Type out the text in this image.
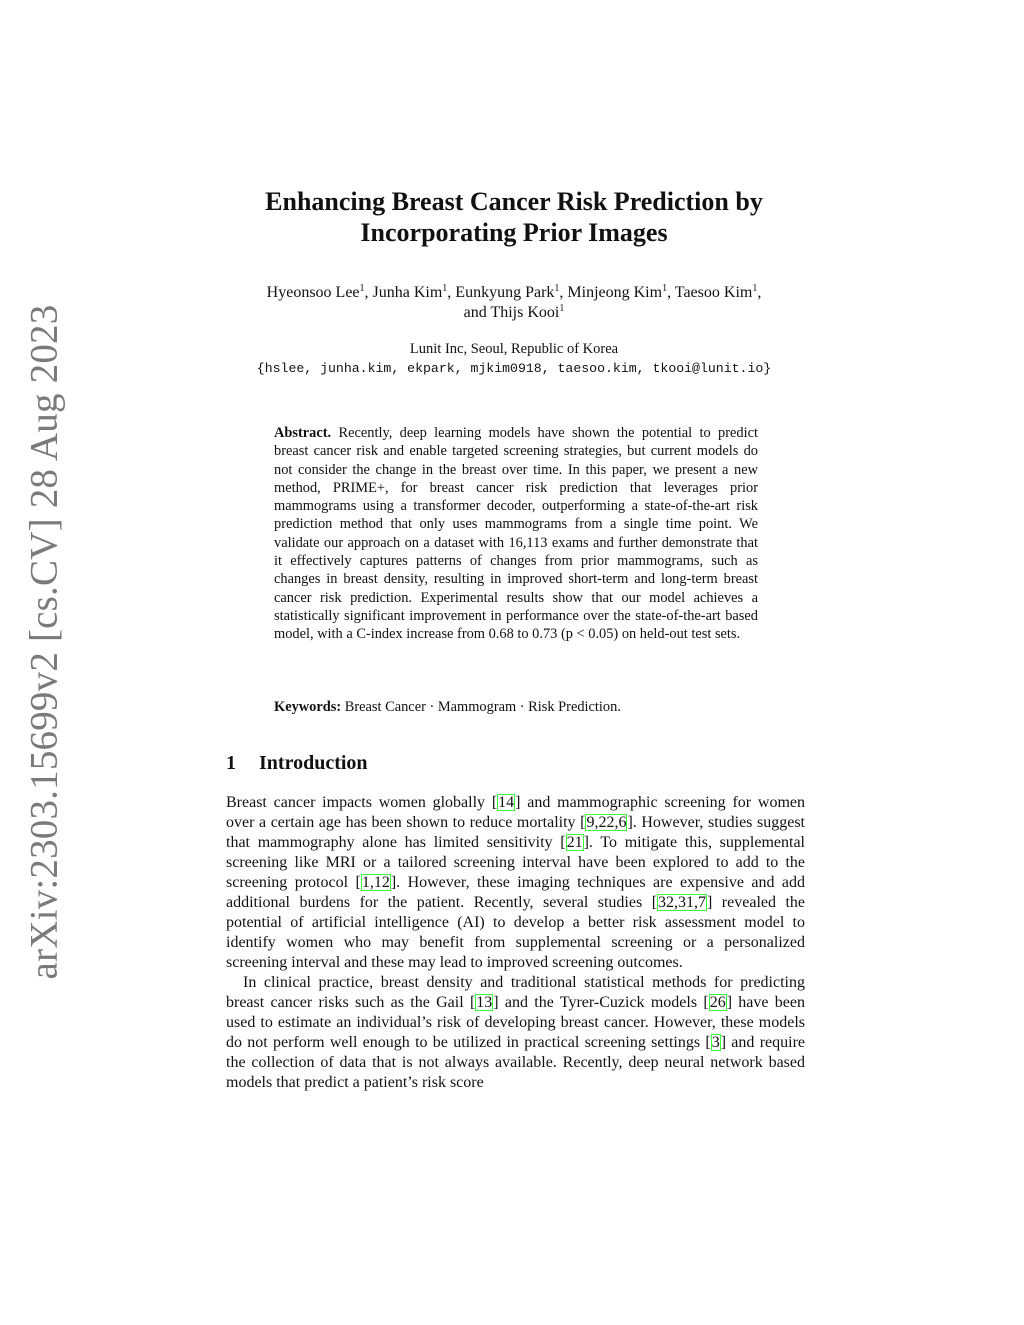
arXiv:2303.15699v2 [cs.CV] 28 Aug 2023
Enhancing Breast Cancer Risk Prediction by
Incorporating Prior Images
Hyeonsoo Lee$^1$, Junha Kim$^1$, Eunkyung Park$^1$, Minjeong Kim$^1$, Taesoo Kim$^1$,
and Thijs Kooi$^1$
Lunit Inc, Seoul, Republic of Korea
{hslee, junha.kim, ekpark, mjkim0918, taesoo.kim, tkooi@lunit.io}
Abstract. Recently, deep learning models have shown the potential to predict breast cancer risk and enable targeted screening strategies, but current models do not consider the change in the breast over time. In this paper, we present a new method, PRIME+, for breast cancer risk prediction that leverages prior mammograms using a transformer decoder, outperforming a state-of-the-art risk prediction method that only uses mammograms from a single time point. We validate our approach on a dataset with 16,113 exams and further demonstrate that it effectively captures patterns of changes from prior mammograms, such as changes in breast density, resulting in improved short-term and long-term breast cancer risk prediction. Experimental results show that our model achieves a statistically significant improvement in performance over the state-of-the-art based model, with a C-index increase from 0.68 to 0.73 (p < 0.05) on held-out test sets.
Keywords: Breast Cancer · Mammogram · Risk Prediction.
1 Introduction

Breast cancer impacts women globally [14] and mammographic screening for women over a certain age has been shown to reduce mortality [9,22,6]. However, studies suggest that mammography alone has limited sensitivity [21]. To mitigate this, supplemental screening like MRI or a tailored screening interval have been explored to add to the screening protocol [1,12]. However, these imaging techniques are expensive and add additional burdens for the patient. Recently, several studies [32,31,7] revealed the potential of artificial intelligence (AI) to develop a better risk assessment model to identify women who may benefit from supplemental screening or a personalized screening interval and these may lead to improved screening outcomes.

In clinical practice, breast density and traditional statistical methods for predicting breast cancer risks such as the Gail [13] and the Tyrer-Cuzick models [26] have been used to estimate an individual’s risk of developing breast cancer. However, these models do not perform well enough to be utilized in practical screening settings [3] and require the collection of data that is not always available. Recently, deep neural network based models that predict a patient’s risk score
